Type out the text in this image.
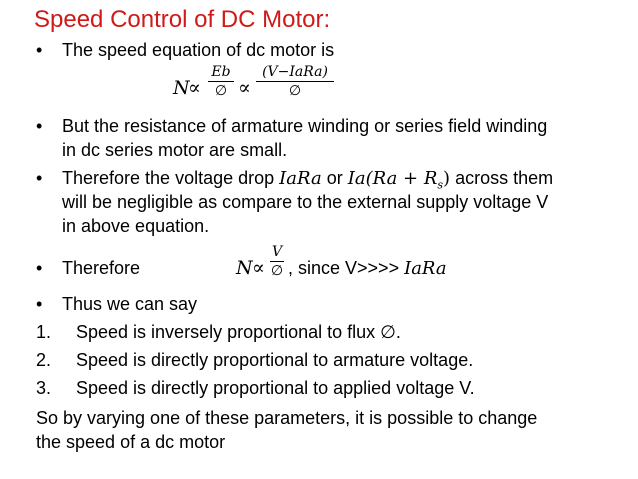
Speed Control of DC Motor:
• The speed equation of dc motor is
N
∝
Eb
∅ ∝
(V−IaRa)
∅
• But the resistance of armature winding or series field winding
in dc series motor are small.
• Therefore the voltage drop IaRa or $Ia(Ra + R_s)$ across them
will be negligible as compare to the external supply voltage V
in above equation.
• Therefore	N ∝
V
∅ , since V>>>> IaRa
• Thus we can say
1. Speed is inversely proportional to flux ∅.
2. Speed is directly proportional to armature voltage.
3. Speed is directly proportional to applied voltage V.
So by varying one of these parameters, it is possible to change
the speed of a dc motor
